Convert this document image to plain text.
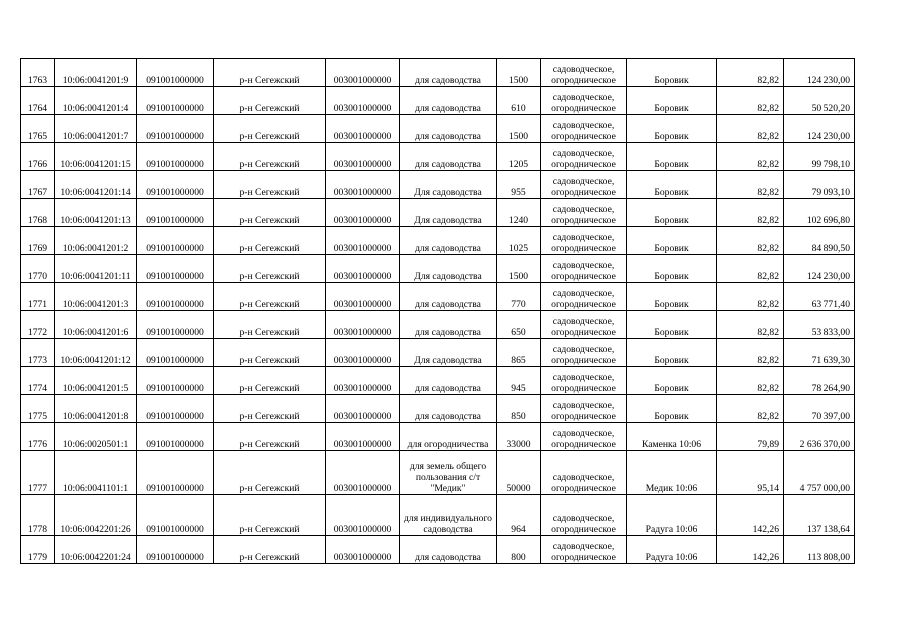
1763	10:06:0041201:9	091001000000	р-н Сегежский	003001000000	для садоводства	1500	садоводческое,
огородническое	Боровик	82,82	124 230,00
1764	10:06:0041201:4	091001000000	р-н Сегежский	003001000000	для садоводства	610	садоводческое,
огородническое	Боровик	82,82	50 520,20
1765	10:06:0041201:7	091001000000	р-н Сегежский	003001000000	для садоводства	1500	садоводческое,
огородническое	Боровик	82,82	124 230,00
1766	10:06:0041201:15	091001000000	р-н Сегежский	003001000000	для садоводства	1205	садоводческое,
огородническое	Боровик	82,82	99 798,10
1767	10:06:0041201:14	091001000000	р-н Сегежский	003001000000	Для садоводства	955	садоводческое,
огородническое	Боровик	82,82	79 093,10
1768	10:06:0041201:13	091001000000	р-н Сегежский	003001000000	Для садоводства	1240	садоводческое,
огородническое	Боровик	82,82	102 696,80
1769	10:06:0041201:2	091001000000	р-н Сегежский	003001000000	для садоводства	1025	садоводческое,
огородническое	Боровик	82,82	84 890,50
1770	10:06:0041201:11	091001000000	р-н Сегежский	003001000000	Для садоводства	1500	садоводческое,
огородническое	Боровик	82,82	124 230,00
1771	10:06:0041201:3	091001000000	р-н Сегежский	003001000000	для садоводства	770	садоводческое,
огородническое	Боровик	82,82	63 771,40
1772	10:06:0041201:6	091001000000	р-н Сегежский	003001000000	для садоводства	650	садоводческое,
огородническое	Боровик	82,82	53 833,00
1773	10:06:0041201:12	091001000000	р-н Сегежский	003001000000	Для садоводства	865	садоводческое,
огородническое	Боровик	82,82	71 639,30
1774	10:06:0041201:5	091001000000	р-н Сегежский	003001000000	для садоводства	945	садоводческое,
огородническое	Боровик	82,82	78 264,90
1775	10:06:0041201:8	091001000000	р-н Сегежский	003001000000	для садоводства	850	садоводческое,
огородническое	Боровик	82,82	70 397,00
1776	10:06:0020501:1	091001000000	р-н Сегежский	003001000000	для огородничества	33000	садоводческое,
огородническое	Каменка 10:06	79,89	2 636 370,00
1777	10:06:0041101:1	091001000000	р-н Сегежский	003001000000	для земель общего пользования с/т "Медик"	50000	садоводческое,
огородническое	Медик 10:06	95,14	4 757 000,00
1778	10:06:0042201:26	091001000000	р-н Сегежский	003001000000	для индивидуального садоводства	964	садоводческое,
огородническое	Радуга 10:06	142,26	137 138,64
1779	10:06:0042201:24	091001000000	р-н Сегежский	003001000000	для садоводства	800	садоводческое,
огородническое	Радуга 10:06	142,26	113 808,00
